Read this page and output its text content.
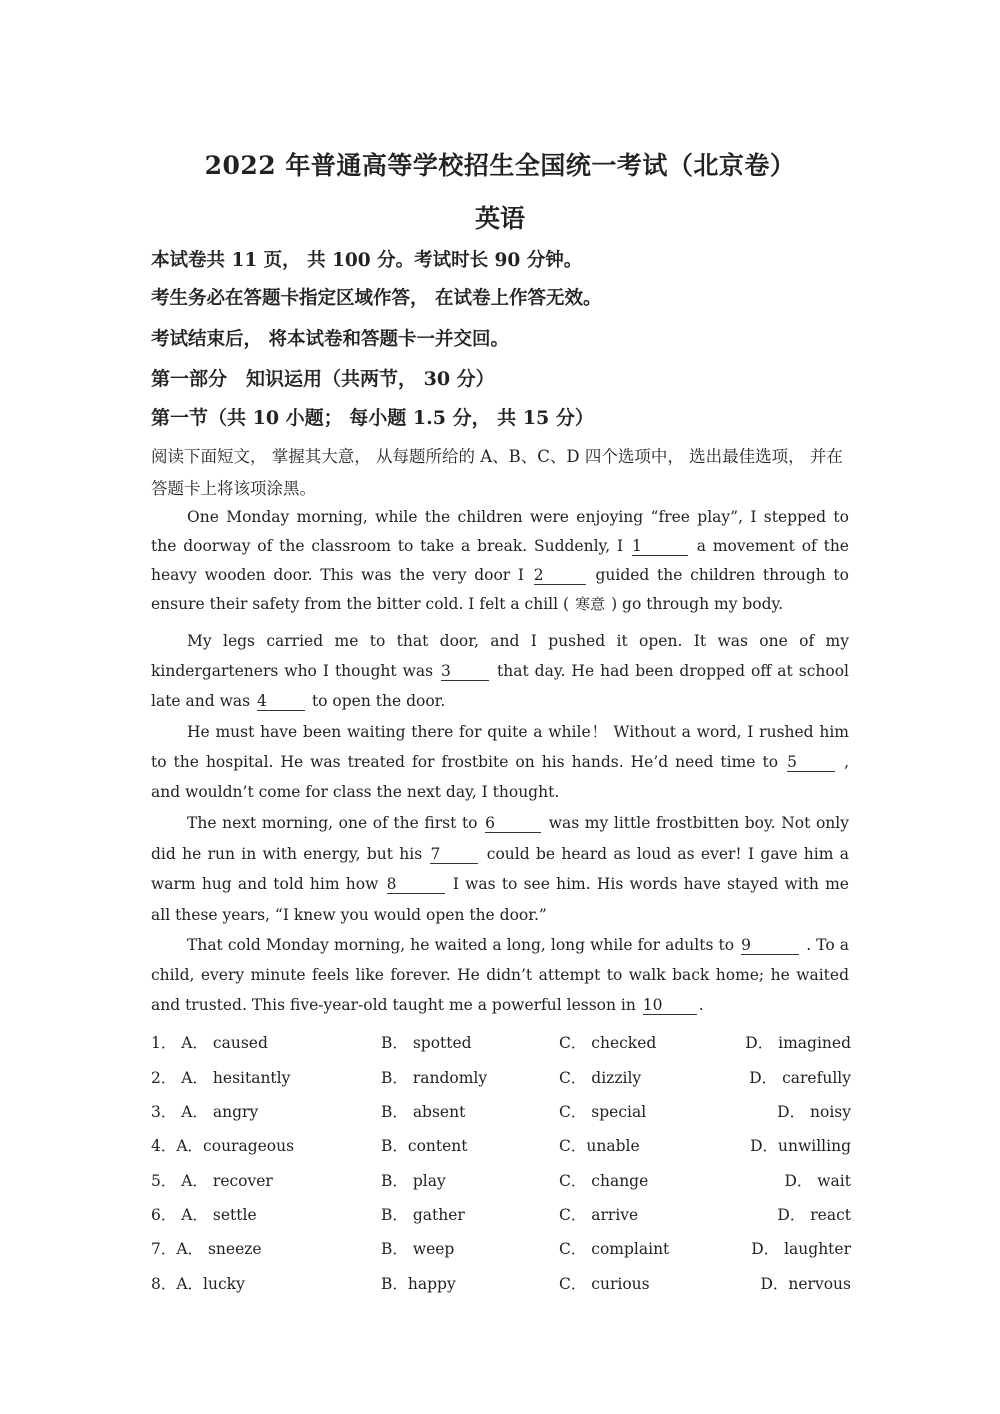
2022 年普通高等学校招生全国统一考试（北京卷）
英语
本试卷共 11 页， 共 100 分。考试时长 90 分钟。
考生务必在答题卡指定区域作答， 在试卷上作答无效。
考试结束后， 将本试卷和答题卡一并交回。
第一部分　知识运用（共两节， 30 分）
第一节（共 10 小题； 每小题 1.5 分， 共 15 分）
阅读下面短文， 掌握其大意， 从每题所给的 A、B、C、D 四个选项中， 选出最佳选项， 并在答题卡上将该项涂黑。
One Monday morning, while the children were enjoying “free play”, I stepped to the doorway of the classroom to take a break. Suddenly, I 1	a movement of the heavy wooden door. This was the very door I 2	guided the children through to ensure their safety from the bitter cold. I felt a chill ( 寒意 ) go through my body.
My legs carried me to that door, and I pushed it open. It was one of my kindergarteners who I thought was 3	that day. He had been dropped off at school late and was 4	to open the door.
He must have been waiting there for quite a while！ Without a word, I rushed him to the hospital. He was treated for frostbite on his hands. He’d need time to 5	, and wouldn’t come for class the next day, I thought.
The next morning, one of the first to 6	was my little frostbitten boy. Not only did he run in with energy, but his 7	could be heard as loud as ever! I gave him a warm hug and told him how 8	I was to see him. His words have stayed with me all these years, “I knew you would open the door.”
That cold Monday morning, he waited a long, long while for adults to 9	. To a child, every minute feels like forever. He didn’t attempt to walk back home; he waited and trusted. This five-year-old taught me a powerful lesson in 10 .
1． A． caused	B． spotted	C． checked	D． imagined
2． A． hesitantly	B． randomly	C． dizzily	D． carefully
3． A． angry	B． absent	C． special	D． noisy
4．A．courageous	B．content	C．unable	D．unwilling
5． A． recover	B． play	C． change	D． wait
6． A． settle	B． gather	C． arrive	D． react
7．A． sneeze	B． weep	C． complaint	D． laughter
8．A．lucky	B．happy	C． curious	D．nervous
